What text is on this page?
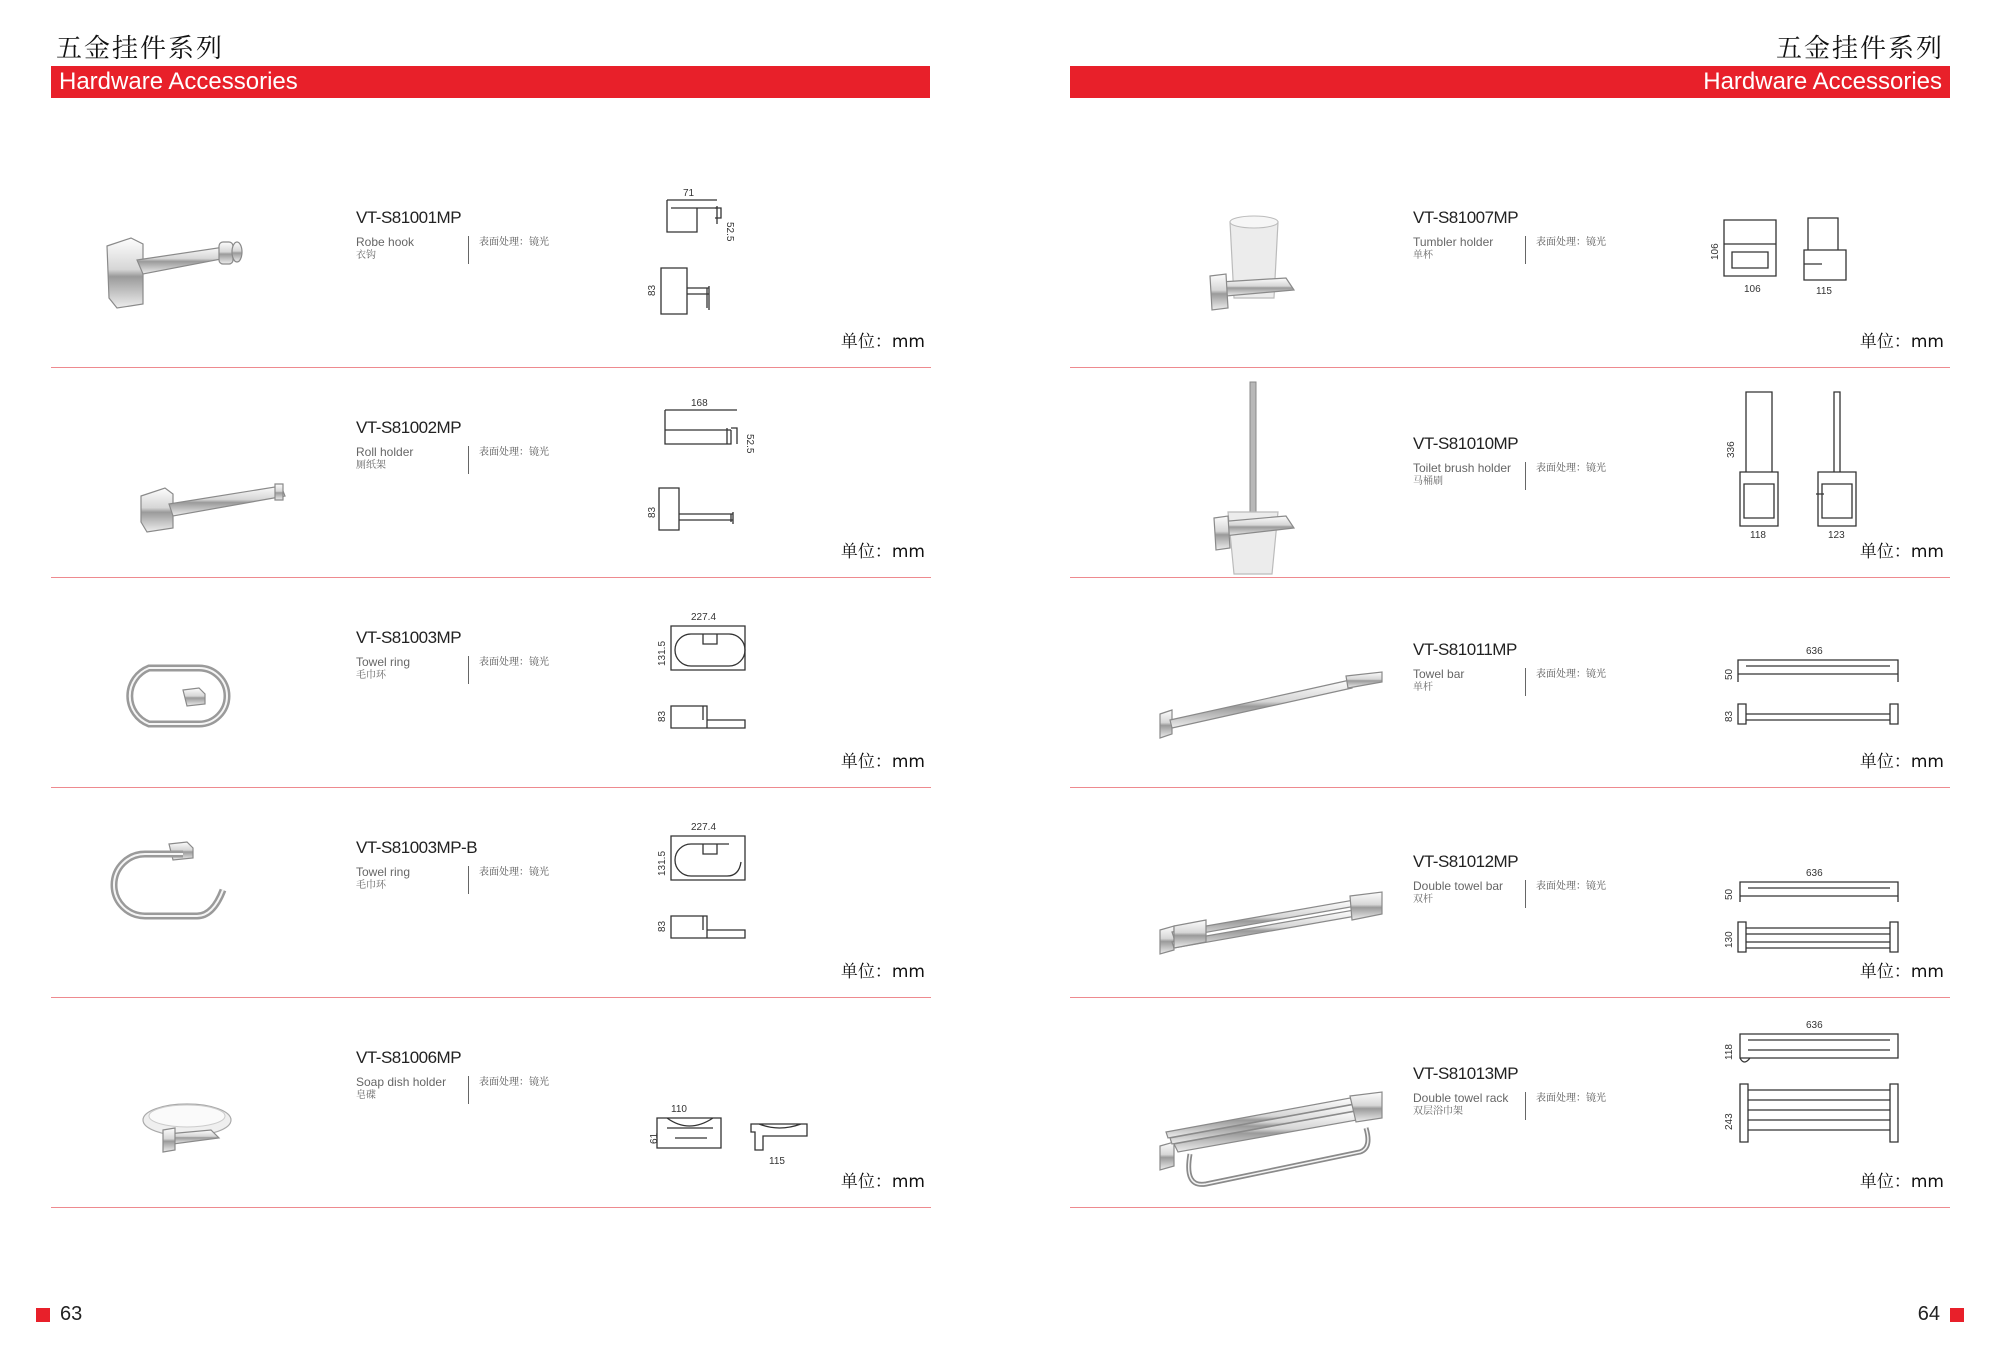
五金挂件系列
Hardware Accessories
VT-S81001MP
Robe hook
衣钩
表面处理：镜光
71
52.5
83
单位：mm
VT-S81002MP
Roll holder
厕纸架
表面处理：镜光
168
52.5
83
单位：mm
VT-S81003MP
Towel ring
毛巾环
表面处理：镜光
227.4
131.5
83
单位：mm
VT-S81003MP-B
Towel ring
毛巾环
表面处理：镜光
227.4
131.5
83
单位：mm
VT-S81006MP
Soap dish holder
皂碟
表面处理：镜光
110
61
115
单位：mm
63
五金挂件系列
Hardware Accessories
VT-S81007MP
Tumbler holder
单杯
表面处理：镜光
106
106	115
单位：mm
VT-S81010MP
Toilet brush holder
马桶刷
表面处理：镜光
336
118	123
单位：mm
VT-S81011MP
Towel bar
单杆
表面处理：镜光
636
50
83
单位：mm
VT-S81012MP
Double towel bar
双杆
表面处理：镜光
636
50
130
单位：mm
VT-S81013MP
Double towel rack
双层浴巾架
表面处理：镜光
636
118
243
单位：mm
64
